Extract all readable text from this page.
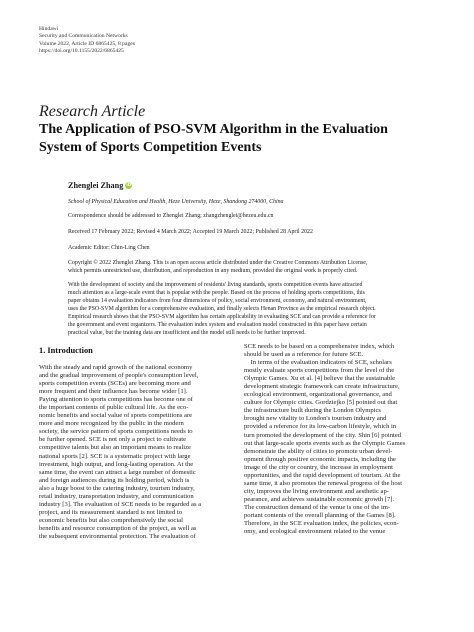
Hindawi
Security and Communication Networks
Volume 2022, Article ID 6865425, 8 pages
https://doi.org/10.1155/2022/6865425
Research Article
The Application of PSO-SVM Algorithm in the Evaluation
System of Sports Competition Events
Zhenglei Zhang iD
School of Physical Education and Health, Heze University, Heze, Shandong 274000, China
Correspondence should be addressed to Zhenglei Zhang; zhangzhenglei@hezeu.edu.cn
Received 17 February 2022; Revised 4 March 2022; Accepted 19 March 2022; Published 28 April 2022
Academic Editor: Chin-Ling Chen
Copyright © 2022 Zhenglei Zhang. This is an open access article distributed under the Creative Commons Attribution License,
which permits unrestricted use, distribution, and reproduction in any medium, provided the original work is properly cited.
With the development of society and the improvement of residents' living standards, sports competition events have attracted
much attention as a large-scale event that is popular with the people. Based on the process of holding sports competitions, this
paper obtains 14 evaluation indicators from four dimensions of policy, social environment, economy, and natural environment,
uses the PSO-SVM algorithm for a comprehensive evaluation, and finally selects Henan Province as the empirical research object.
Empirical research shows that the PSO-SVM algorithm has certain applicability in evaluating SCE and can provide a reference for
the government and event organizers. The evaluation index system and evaluation model constructed in this paper have certain
practical value, but the training data are insufficient and the model still needs to be further improved.
1. Introduction
With the steady and rapid growth of the national economy
and the gradual improvement of people's consumption level,
sports competition events (SCEs) are becoming more and
more frequent and their influence has become wider [1].
Paying attention to sports competitions has become one of
the important contents of public cultural life. As the eco-
nomic benefits and social value of sports competitions are
more and more recognized by the public in the modern
society, the service pattern of sports competitions needs to
be further opened. SCE is not only a project to cultivate
competitive talents but also an important means to realize
national sports [2]. SCE is a systematic project with large
investment, high output, and long-lasting operation. At the
same time, the event can attract a large number of domestic
and foreign audiences during its holding period, which is
also a huge boost to the catering industry, tourism industry,
retail industry, transportation industry, and communication
industry [3]. The evaluation of SCE needs to be regarded as a
project, and its measurement standard is not limited to
economic benefits but also comprehensively the social
benefits and resource consumption of the project, as well as
the subsequent environmental protection. The evaluation of
SCE needs to be based on a comprehensive index, which
should be used as a reference for future SCE.
In terms of the evaluation indicators of SCE, scholars
mostly evaluate sports competitions from the level of the
Olympic Games. Xu et al. [4] believe that the sustainable
development strategic framework can create infrastructure,
ecological environment, organizational governance, and
culture for Olympic cities. Gordziejko [5] pointed out that
the infrastructure built during the London Olympics
brought new vitality to London's tourism industry and
provided a reference for its low-carbon lifestyle, which in
turn promoted the development of the city. Shin [6] pointed
out that large-scale sports events such as the Olympic Games
demonstrate the ability of cities to promote urban devel-
opment through positive economic impacts, including the
image of the city or country, the increase in employment
opportunities, and the rapid development of tourism. At the
same time, it also promotes the renewal progress of the host
city, improves the living environment and aesthetic ap-
pearance, and achieves sustainable economic growth [7].
The construction demand of the venue is one of the im-
portant contents of the overall planning of the Games [8].
Therefore, in the SCE evaluation index, the policies, econ-
omy, and ecological environment related to the venue
